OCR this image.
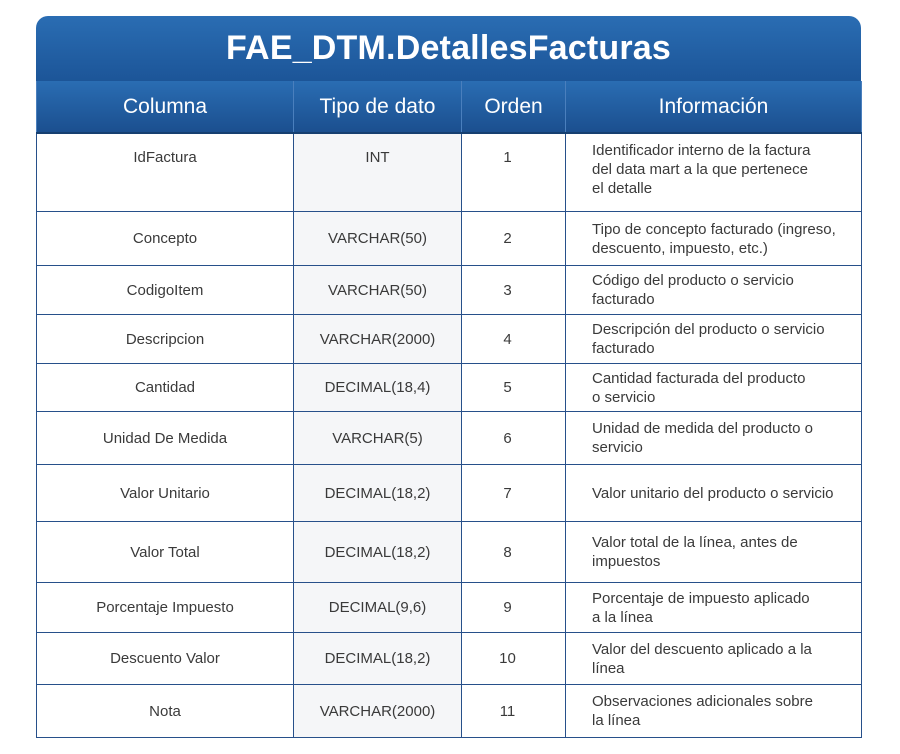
FAE_DTM.DetallesFacturas
Columna	Tipo de dato	Orden	Información
IdFactura	INT	1	Identificador interno de la factura
del data mart a la que pertenece
el detalle

Concepto	VARCHAR(50)	2	Tipo de concepto facturado (ingreso,
descuento, impuesto, etc.)

CodigoItem	VARCHAR(50)	3	Código del producto o servicio
facturado

Descripcion	VARCHAR(2000)	4	Descripción del producto o servicio
facturado

Cantidad	DECIMAL(18,4)	5	Cantidad facturada del producto
o servicio

Unidad De Medida	VARCHAR(5)	6	Unidad de medida del producto o
servicio

Valor Unitario	DECIMAL(18,2)	7	Valor unitario del producto o servicio

Valor Total	DECIMAL(18,2)	8	Valor total de la línea, antes de
impuestos

Porcentaje Impuesto	DECIMAL(9,6)	9	Porcentaje de impuesto aplicado
a la línea

Descuento Valor	DECIMAL(18,2)	10	Valor del descuento aplicado a la
línea

Nota	VARCHAR(2000)	11	Observaciones adicionales sobre
la línea
